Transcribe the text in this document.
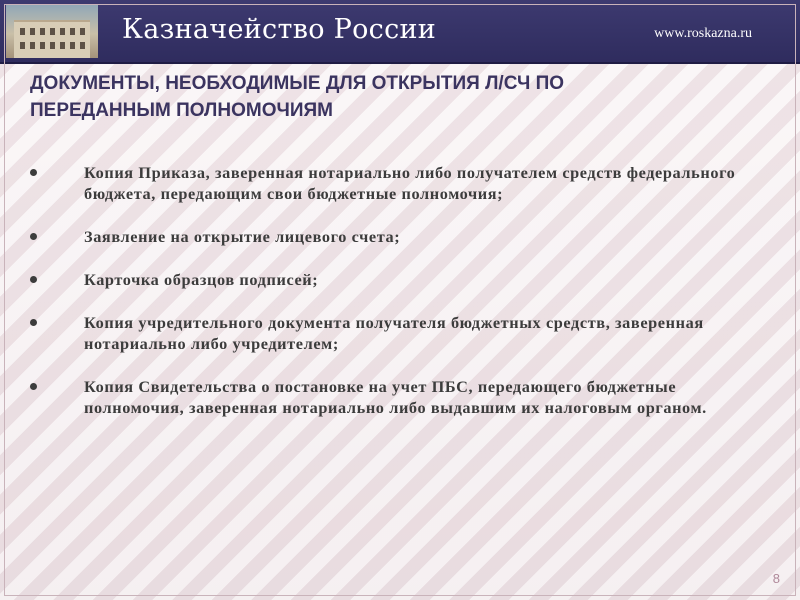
Казначейство России	www.roskazna.ru
ДОКУМЕНТЫ, НЕОБХОДИМЫЕ ДЛЯ ОТКРЫТИЯ Л/СЧ ПО
ПЕРЕДАННЫМ ПОЛНОМОЧИЯМ
Копия Приказа, заверенная нотариально либо получателем средств федерального бюджета, передающим свои бюджетные полномочия;
Заявление на открытие лицевого счета;
Карточка образцов подписей;
Копия учредительного документа получателя бюджетных средств, заверенная нотариально либо учредителем;
Копия Свидетельства о постановке на учет ПБС, передающего бюджетные полномочия, заверенная нотариально либо выдавшим их налоговым органом.
8
